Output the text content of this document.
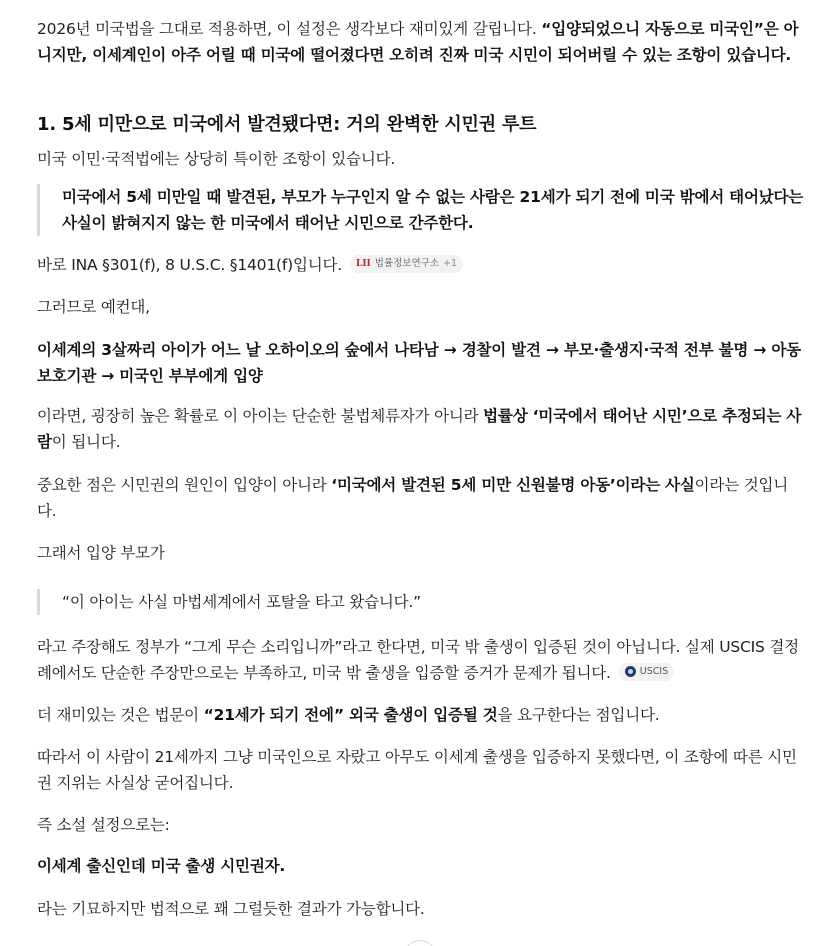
2026년 미국법을 그대로 적용하면, 이 설정은 생각보다 재미있게 갈립니다. “입양되었으니 자동으로 미국인”은 아니지만, 이세계인이 아주 어릴 때 미국에 떨어졌다면 오히려 진짜 미국 시민이 되어버릴 수 있는 조항이 있습니다.

1. 5세 미만으로 미국에서 발견됐다면: 거의 완벽한 시민권 루트

미국 이민·국적법에는 상당히 특이한 조항이 있습니다.

미국에서 5세 미만일 때 발견된, 부모가 누구인지 알 수 없는 사람은 21세가 되기 전에 미국 밖에서 태어났다는 사실이 밝혀지지 않는 한 미국에서 태어난 시민으로 간주한다.

바로 INA §301(f), 8 U.S.C. §1401(f)입니다. LII 법률정보연구소 +1

그러므로 예컨대,

이세계의 3살짜리 아이가 어느 날 오하이오의 숲에서 나타남 → 경찰이 발견 → 부모·출생지·국적 전부 불명 → 아동보호기관 → 미국인 부부에게 입양

이라면, 굉장히 높은 확률로 이 아이는 단순한 불법체류자가 아니라 법률상 ‘미국에서 태어난 시민’으로 추정되는 사람이 됩니다.

중요한 점은 시민권의 원인이 입양이 아니라 ‘미국에서 발견된 5세 미만 신원불명 아동’이라는 사실이라는 것입니다.

그래서 입양 부모가

“이 아이는 사실 마법세계에서 포탈을 타고 왔습니다.”

라고 주장해도 정부가 “그게 무슨 소리입니까”라고 한다면, 미국 밖 출생이 입증된 것이 아닙니다. 실제 USCIS 결정례에서도 단순한 주장만으로는 부족하고, 미국 밖 출생을 입증할 증거가 문제가 됩니다.	USCIS

더 재미있는 것은 법문이 “21세가 되기 전에” 외국 출생이 입증될 것을 요구한다는 점입니다.

따라서 이 사람이 21세까지 그냥 미국인으로 자랐고 아무도 이세계 출생을 입증하지 못했다면, 이 조항에 따른 시민권 지위는 사실상 굳어집니다.

즉 소설 설정으로는:

이세계 출신인데 미국 출생 시민권자.

라는 기묘하지만 법적으로 꽤 그럴듯한 결과가 가능합니다.
